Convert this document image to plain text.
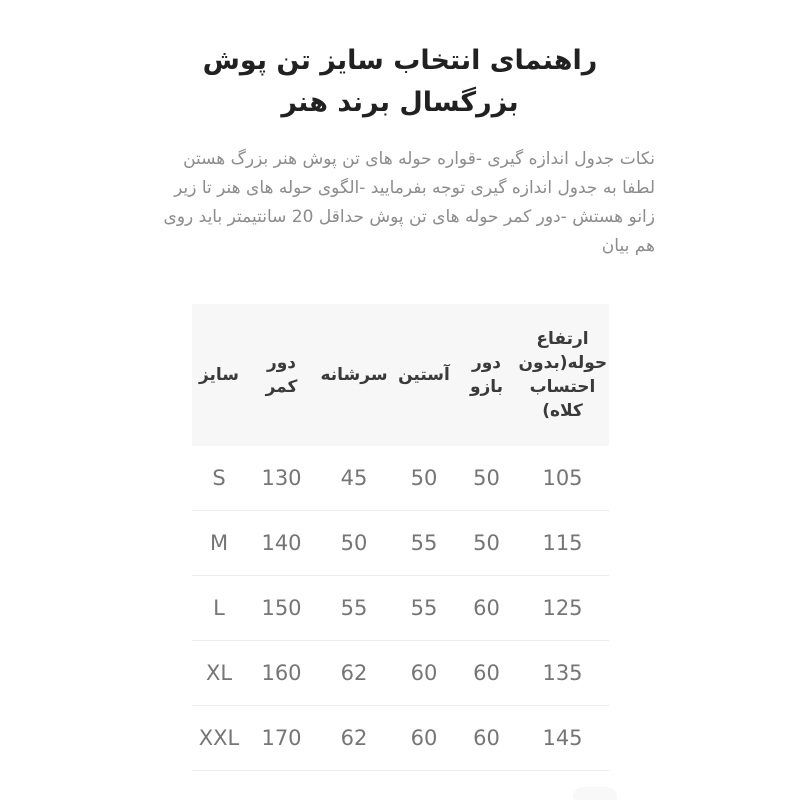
راهنمای انتخاب سایز تن پوش
بزرگسال برند هنر

نکات جدول اندازه گیری -قواره حوله های تن پوش هنر بزرگ هستن لطفا به جدول اندازه گیری توجه بفرمایید -الگوی حوله های هنر تا زیر زانو هستش -دور کمر حوله های تن پوش حداقل 20 سانتیمتر باید روی هم بیان

سایز	دور کمر	سرشانه	آستین	دور بازو	ارتفاع حوله(بدون احتساب کلاه)
S	130	45	50	50	105
M	140	50	55	50	115
L	150	55	55	60	125
XL	160	62	60	60	135
XXL	170	62	60	60	145
